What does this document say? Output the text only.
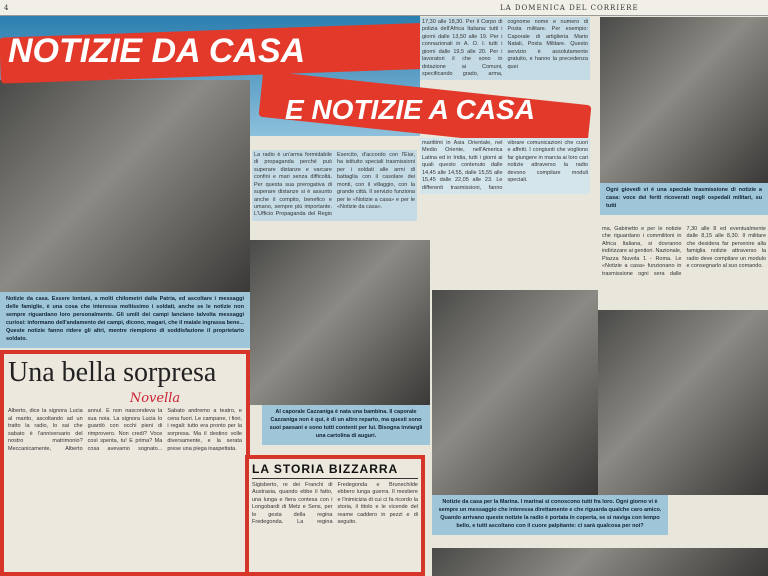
4	LA DOMENICA DEL CORRIERE
Notizie da casa. Essere lontani, a molti chilometri dalla Patria, ed ascoltare i messaggi delle famiglie, è una cosa che interessa moltissimo i soldati, anche se le notizie non sempre riguardano loro personalmente. Gli umili dei campi lanciano talvolta messaggi curiosi: informano dell'andamento dei campi, dicono, magari, che il maiale ingrassa bene... Queste notizie fanno ridere gli altri, mentre riempiono di soddisfazione il proprietario soldato.
NOTIZIE DA CASA
E NOTIZIE A CASA
17,30 alle 18,30. Per il Corpo di polizia dell'Africa Italiana: tutti i giorni dalle 13,50 alle 19. Per i connazionali in A. O. I. tutti i giorni dalle 19,5 alle 20. Per i lavoratori il che sono in dotazione ai Comuni, specificando grado, arma, cognome nome e numero di Posta militare. Per esempio: Caporale di artiglieria Mario Natali, Posta Militare. Questo servizio è assolutamente gratuito, e hanno la precedenza quei
marittimi in Asia Orientale, nel Medio Oriente, nell'America Latina ed in Iridia, tutti i giorni ai quali questo contenuto dalle 14,45 alle 14,55, dalle 15,55 alle 15,45 dalle 22,05 alle 23. Le differenti trasmissioni, fanno vibrare comunicazioni che cuori e affetti. I congiunti che vogliono far giungere in marcia ai loro cari notizie attraverso la radio devono compilare moduli speciali.
La radio è un'arma formidabile di propaganda perché può superare distanze e varcare confini e mari senza difficoltà. Per questa sua prerogativa di superare distanze si è assunto anche il compito, benefico e umano, sempre più importante. L'Ufficio Propaganda del Regio Esercito, d'accordo con l'Eiar, ha istituito speciali trasmissioni per i soldati alle armi di battaglia con il casolare dei monti, con il villaggio, con la grande città. Il servizio funziona per le «Notizie a casa» e per le «Notizie da casa».
Ogni giovedì vi è una speciale trasmissione di notizie a casa: voce dei feriti ricoverati negli ospedali militari, su tutti
ma, Gabinetto e per le notizie che riguardano i commilitoni in Africa Italiana, si dovranno indirizzare ai genitori. Nazionale, Piazza Nuvola 1 - Roma. Le «Notizie a casa» funzionano in trasmissione ogni sera dalle 7,30 alle 8 ed eventualmente dalle 8,15 alle 8,30. Il militare che desidera far pervenire alla famiglia notizie attraverso la radio deve compilare un modulo e consegnarlo al suo comando.
Al caporale Cazzaniga è nata una bambina. Il caporale Cazzaniga non è qui, è di un altro reparto, ma questi sono suoi paesani e sono tutti contenti per lui. Bisogna inviargli una cartolina di auguri.
Notizie da casa per la Marina. I marinai si conoscono tutti fra loro. Ogni giorno vi è sempre un messaggio che interessa direttamente e che riguarda qualche caro amico. Quando arrivano queste notizie la radio è portata in coperta, se si naviga con tempo bello, e tutti ascoltano con il cuore palpitante: ci sarà qualcosa per noi?
Una bella sorpresa
Novella
Alberto, dice la signora Lucia al marito, ascoltando ad un tratto la radio, lo sai che sabato è l'anniversario del nostro matrimonio? Meccanicamente, Alberto annuì. E non nascondeva la sua noia. La signora Lucia lo guardò con occhi pieni di rimprovero. Non credi? Voce così spenta, tu! E prima? Ma cosa avevamo sognato... Sabato andremo a teatro, e cena fuori. Le campane, i fiori, i regali: tutto era pronto per la sorpresa. Ma il destino volle diversamente, e la serata prese una piega inaspettata.
LA STORIA BIZZARRA
Sigisberto, re dei Franchi di Austrasia, quando ebbe il fatto, una lunga e fiera contesa con i Longobardi di Metz e Sens, per le gesta della regina Fredegonda. La regina Fredegonda e Brunechilde ebbero lunga guerra. Il mestiere e l'inimicizia di cui ci fa ricordo la storia, il titolo e le vicende del reame caddero in pezzi e di seguito.
